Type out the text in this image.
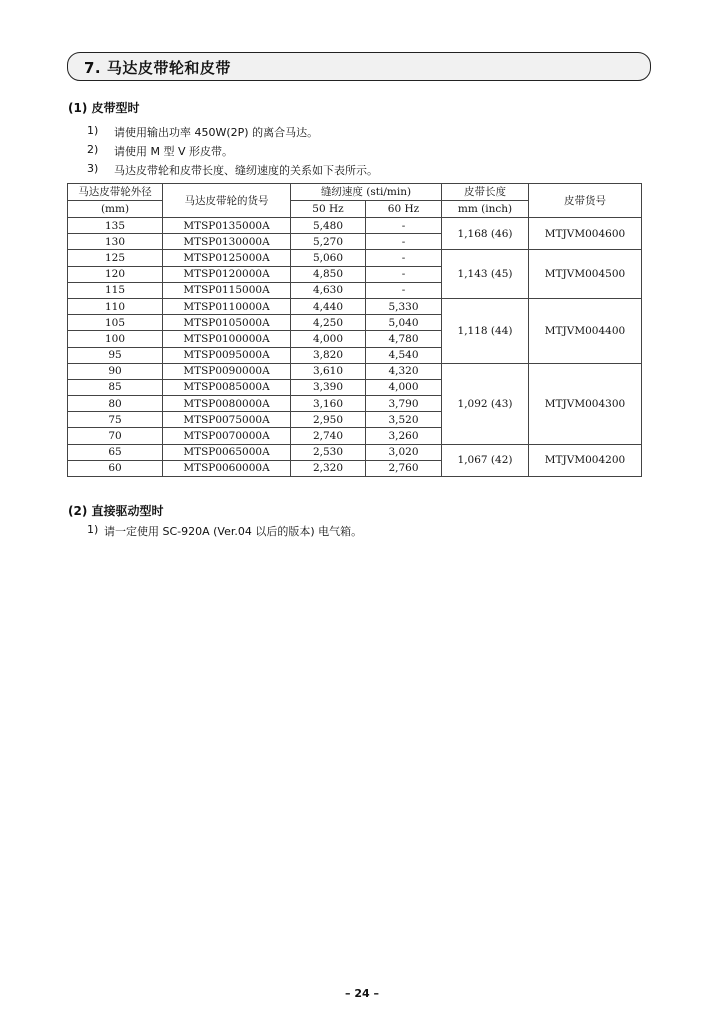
7. 马达皮带轮和皮带
(1) 皮带型时
1) 请使用输出功率 450W(2P) 的离合马达。
2) 请使用 M 型 V 形皮带。
3) 马达皮带轮和皮带长度、缝纫速度的关系如下表所示。
马达皮带轮外径	马达皮带轮的货号	缝纫速度 (sti/min)		皮带长度	皮带货号
(mm)		50 Hz	60 Hz	mm (inch)	
135	MTSP0135000A	5,480	-	1,168 (46)	MTJVM004600
130	MTSP0130000A	5,270	-		
125	MTSP0125000A	5,060	-	1,143 (45)	MTJVM004500
120	MTSP0120000A	4,850	-		
115	MTSP0115000A	4,630	-		
110	MTSP0110000A	4,440	5,330	1,118 (44)	MTJVM004400
105	MTSP0105000A	4,250	5,040		
100	MTSP0100000A	4,000	4,780		
95	MTSP0095000A	3,820	4,540		
90	MTSP0090000A	3,610	4,320	1,092 (43)	MTJVM004300
85	MTSP0085000A	3,390	4,000		
80	MTSP0080000A	3,160	3,790		
75	MTSP0075000A	2,950	3,520		
70	MTSP0070000A	2,740	3,260		
65	MTSP0065000A	2,530	3,020	1,067 (42)	MTJVM004200
60	MTSP0060000A	2,320	2,760		
(2) 直接驱动型时
1) 请一定使用 SC-920A (Ver.04 以后的版本) 电气箱。
– 24 –
